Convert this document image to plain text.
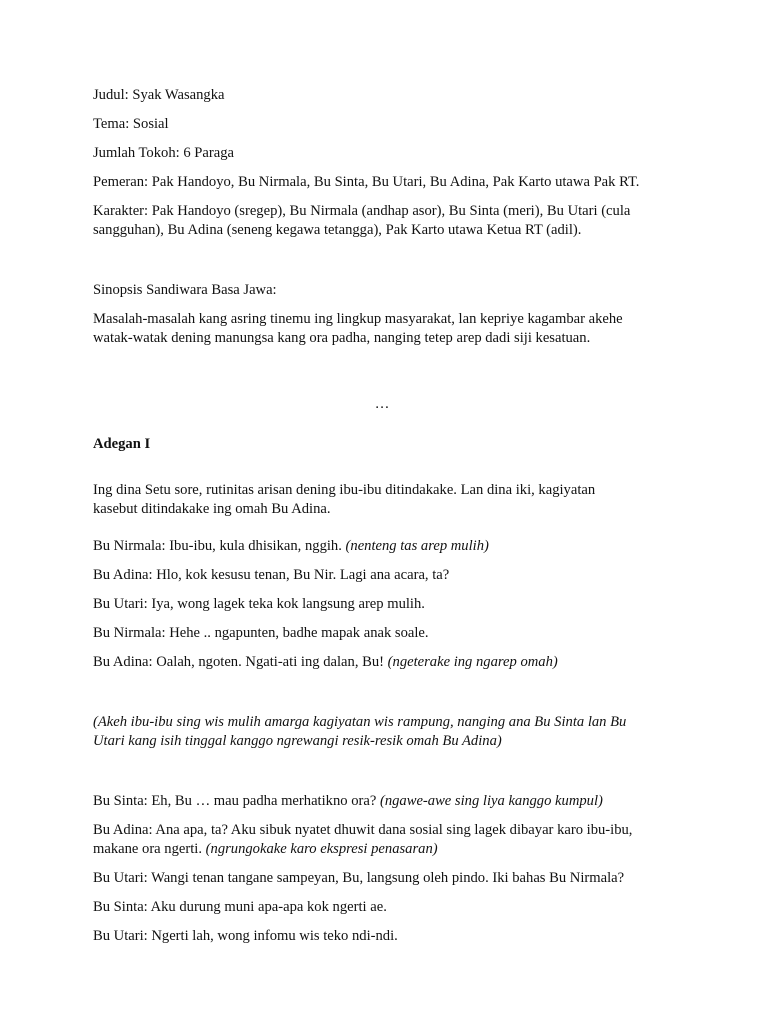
Judul: Syak Wasangka

Tema: Sosial

Jumlah Tokoh: 6 Paraga

Pemeran: Pak Handoyo, Bu Nirmala, Bu Sinta, Bu Utari, Bu Adina, Pak Karto utawa Pak RT.

Karakter: Pak Handoyo (sregep), Bu Nirmala (andhap asor), Bu Sinta (meri), Bu Utari (cula

sangguhan), Bu Adina (seneng kegawa tetangga), Pak Karto utawa Ketua RT (adil).

Sinopsis Sandiwara Basa Jawa:

Masalah-masalah kang asring tinemu ing lingkup masyarakat, lan kepriye kagambar akehe

watak-watak dening manungsa kang ora padha, nanging tetep arep dadi siji kesatuan.

…

Adegan I

Ing dina Setu sore, rutinitas arisan dening ibu-ibu ditindakake. Lan dina iki, kagiyatan

kasebut ditindakake ing omah Bu Adina.

Bu Nirmala: Ibu-ibu, kula dhisikan, nggih. (nenteng tas arep mulih)

Bu Adina: Hlo, kok kesusu tenan, Bu Nir. Lagi ana acara, ta?

Bu Utari: Iya, wong lagek teka kok langsung arep mulih.

Bu Nirmala: Hehe .. ngapunten, badhe mapak anak soale.

Bu Adina: Oalah, ngoten. Ngati-ati ing dalan, Bu! (ngeterake ing ngarep omah)

(Akeh ibu-ibu sing wis mulih amarga kagiyatan wis rampung, nanging ana Bu Sinta lan Bu

Utari kang isih tinggal kanggo ngrewangi resik-resik omah Bu Adina)

Bu Sinta: Eh, Bu … mau padha merhatikno ora? (ngawe-awe sing liya kanggo kumpul)

Bu Adina: Ana apa, ta? Aku sibuk nyatet dhuwit dana sosial sing lagek dibayar karo ibu-ibu,

makane ora ngerti. (ngrungokake karo ekspresi penasaran)

Bu Utari: Wangi tenan tangane sampeyan, Bu, langsung oleh pindo. Iki bahas Bu Nirmala?

Bu Sinta: Aku durung muni apa-apa kok ngerti ae.

Bu Utari: Ngerti lah, wong infomu wis teko ndi-ndi.
